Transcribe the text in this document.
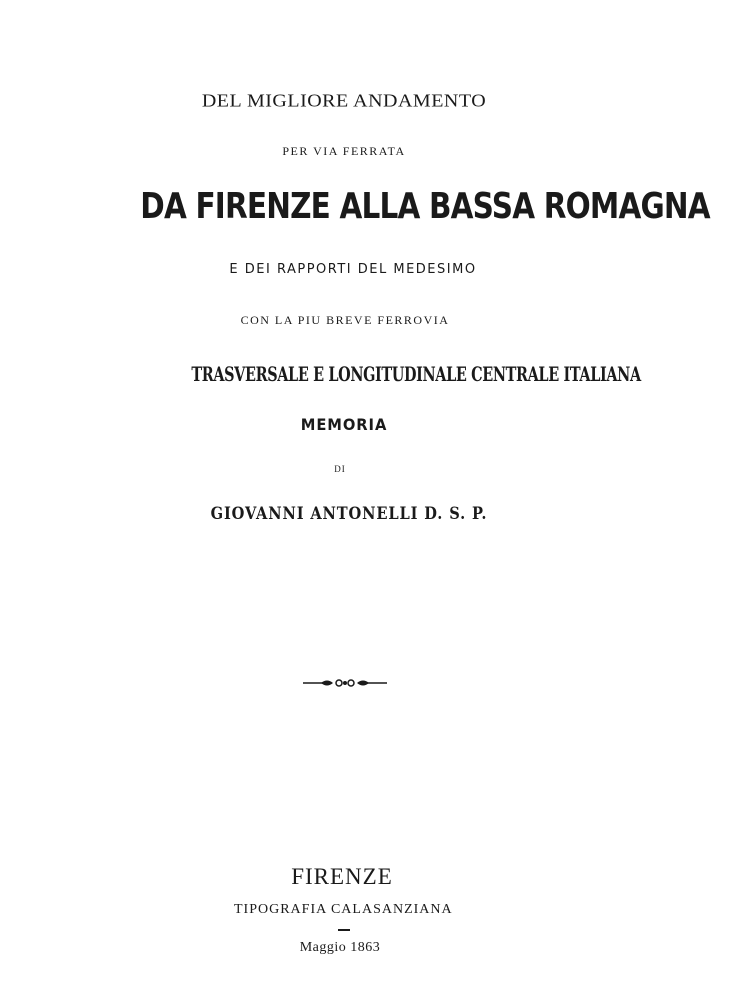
DEL MIGLIORE ANDAMENTO
PER VIA FERRATA
DA FIRENZE ALLA BASSA ROMAGNA
E DEI RAPPORTI DEL MEDESIMO
CON LA PIU BREVE FERROVIA
TRASVERSALE E LONGITUDINALE CENTRALE ITALIANA
MEMORIA
DI
GIOVANNI ANTONELLI D. S. P.
FIRENZE
TIPOGRAFIA CALASANZIANA
Maggio 1863
